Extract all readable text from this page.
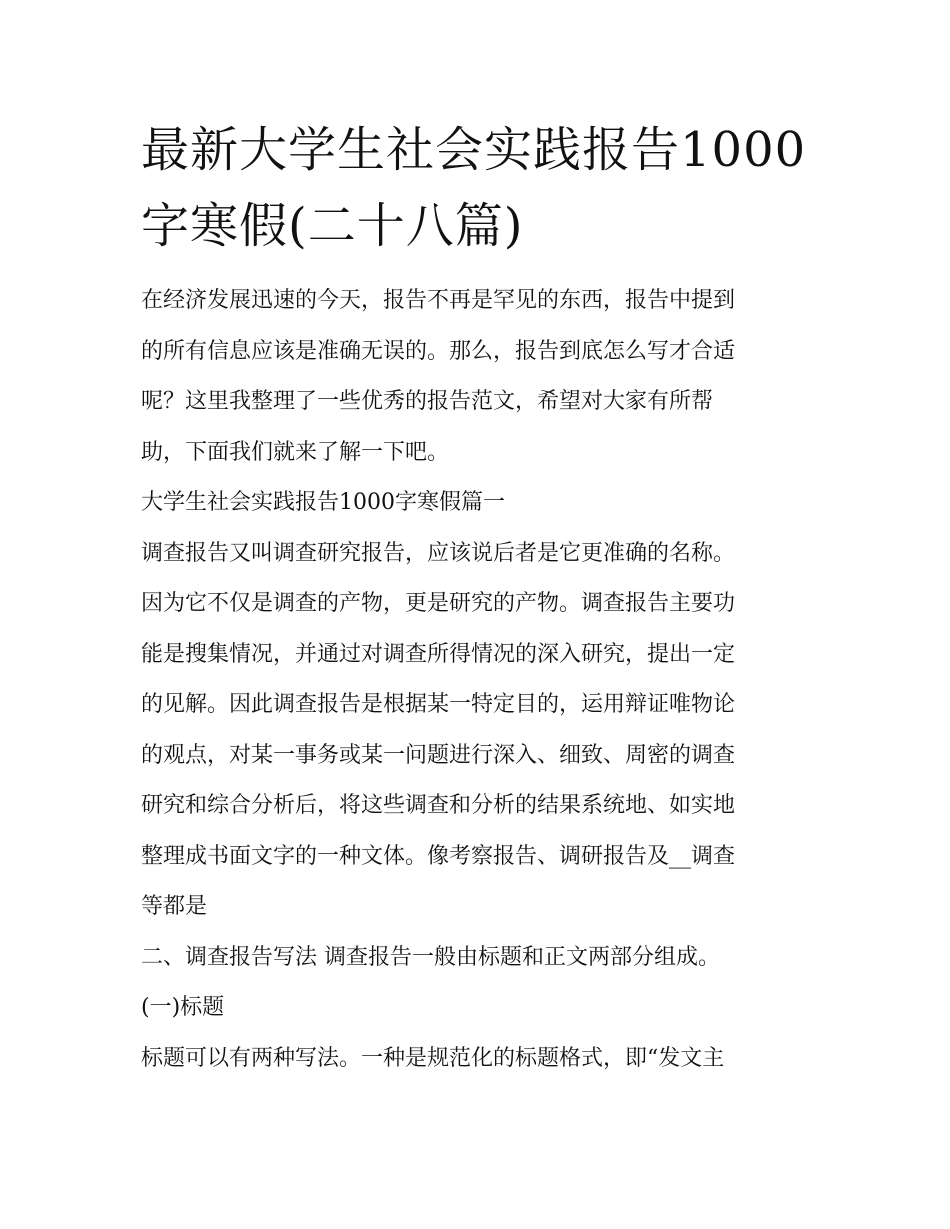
最新大学生社会实践报告1000
字寒假(二十八篇)

在经济发展迅速的今天，报告不再是罕见的东西，报告中提到

的所有信息应该是准确无误的。那么，报告到底怎么写才合适

呢？这里我整理了一些优秀的报告范文，希望对大家有所帮

助，下面我们就来了解一下吧。

大学生社会实践报告1000字寒假篇一

调查报告又叫调查研究报告，应该说后者是它更准确的名称。

因为它不仅是调查的产物，更是研究的产物。调查报告主要功

能是搜集情况，并通过对调查所得情况的深入研究，提出一定

的见解。因此调查报告是根据某一特定目的，运用辩证唯物论

的观点，对某一事务或某一问题进行深入、细致、周密的调查

研究和综合分析后，将这些调查和分析的结果系统地、如实地

整理成书面文字的一种文体。像考察报告、调研报告及__调查

等都是

二、调查报告写法 调查报告一般由标题和正文两部分组成。

(一)标题

标题可以有两种写法。一种是规范化的标题格式，即“发文主
